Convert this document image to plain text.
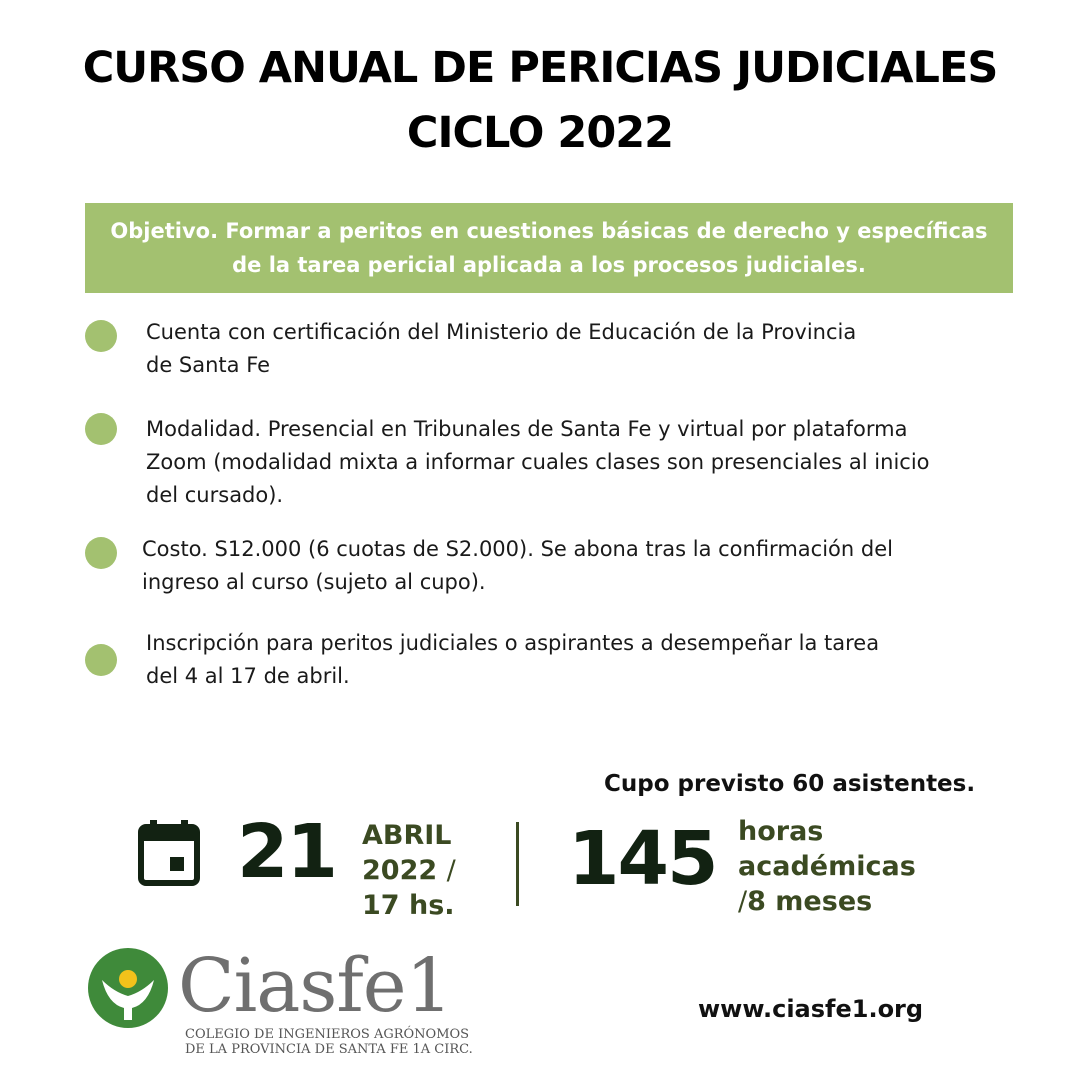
CURSO ANUAL DE PERICIAS JUDICIALES
CICLO 2022
Objetivo. Formar a peritos en cuestiones básicas de derecho y específicas
de la tarea pericial aplicada a los procesos judiciales.
Cuenta con certificación del Ministerio de Educación de la Provincia
de Santa Fe
Modalidad. Presencial en Tribunales de Santa Fe y virtual por plataforma
Zoom (modalidad mixta a informar cuales clases son presenciales al inicio
del cursado).
Costo. S12.000 (6 cuotas de S2.000). Se abona tras la confirmación del
ingreso al curso (sujeto al cupo).
Inscripción para peritos judiciales o aspirantes a desempeñar la tarea
del 4 al 17 de abril.
Cupo previsto 60 asistentes.
21 ABRIL
2022 /
17 hs.
145 horas
académicas
/8 meses
Ciasfe1
COLEGIO DE INGENIEROS AGRÓNOMOS
DE LA PROVINCIA DE SANTA FE 1A CIRC.
www.ciasfe1.org
